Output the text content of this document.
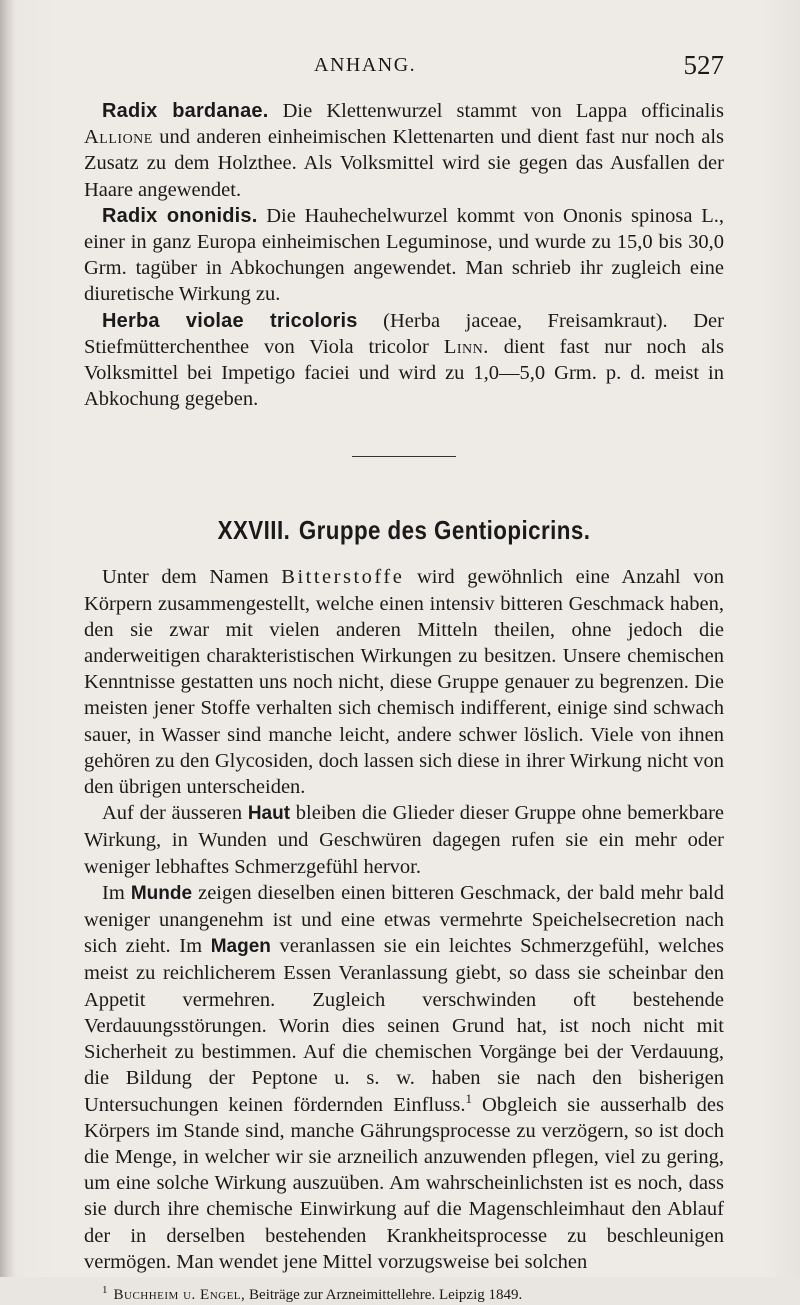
ANHANG.	527

Radix bardanae. Die Klettenwurzel stammt von Lappa officinalis Allione und anderen einheimischen Klettenarten und dient fast nur noch als Zusatz zu dem Holzthee. Als Volksmittel wird sie gegen das Ausfallen der Haare angewendet.

Radix ononidis. Die Hauhechelwurzel kommt von Ononis spinosa L., einer in ganz Europa einheimischen Leguminose, und wurde zu 15,0 bis 30,0 Grm. tagüber in Abkochungen angewendet. Man schrieb ihr zugleich eine diuretische Wirkung zu.

Herba violae tricoloris (Herba jaceae, Freisamkraut). Der Stiefmütterchenthee von Viola tricolor Linn. dient fast nur noch als Volksmittel bei Impetigo faciei und wird zu 1,0—5,0 Grm. p. d. meist in Abkochung gegeben.

XXVIII. Gruppe des Gentiopicrins.

Unter dem Namen Bitterstoffe wird gewöhnlich eine Anzahl von Körpern zusammengestellt, welche einen intensiv bitteren Geschmack haben, den sie zwar mit vielen anderen Mitteln theilen, ohne jedoch die anderweitigen charakteristischen Wirkungen zu besitzen. Unsere chemischen Kenntnisse gestatten uns noch nicht, diese Gruppe genauer zu begrenzen. Die meisten jener Stoffe verhalten sich chemisch indifferent, einige sind schwach sauer, in Wasser sind manche leicht, andere schwer löslich. Viele von ihnen gehören zu den Glycosiden, doch lassen sich diese in ihrer Wirkung nicht von den übrigen unterscheiden.

Auf der äusseren Haut bleiben die Glieder dieser Gruppe ohne bemerkbare Wirkung, in Wunden und Geschwüren dagegen rufen sie ein mehr oder weniger lebhaftes Schmerzgefühl hervor.

Im Munde zeigen dieselben einen bitteren Geschmack, der bald mehr bald weniger unangenehm ist und eine etwas vermehrte Speichelsecretion nach sich zieht. Im Magen veranlassen sie ein leichtes Schmerzgefühl, welches meist zu reichlicherem Essen Veranlassung giebt, so dass sie scheinbar den Appetit vermehren. Zugleich verschwinden oft bestehende Verdauungsstörungen. Worin dies seinen Grund hat, ist noch nicht mit Sicherheit zu bestimmen. Auf die chemischen Vorgänge bei der Verdauung, die Bildung der Peptone u. s. w. haben sie nach den bisherigen Untersuchungen keinen fördernden Einfluss.$^1$ Obgleich sie ausserhalb des Körpers im Stande sind, manche Gährungsprocesse zu verzögern, so ist doch die Menge, in welcher wir sie arzneilich anzuwenden pflegen, viel zu gering, um eine solche Wirkung auszuüben. Am wahrscheinlichsten ist es noch, dass sie durch ihre chemische Einwirkung auf die Magenschleimhaut den Ablauf der in derselben bestehenden Krankheitsprocesse zu beschleunigen vermögen. Man wendet jene Mittel vorzugsweise bei solchen

$^1$ Buchheim u. Engel, Beiträge zur Arzneimittellehre. Leipzig 1849.
